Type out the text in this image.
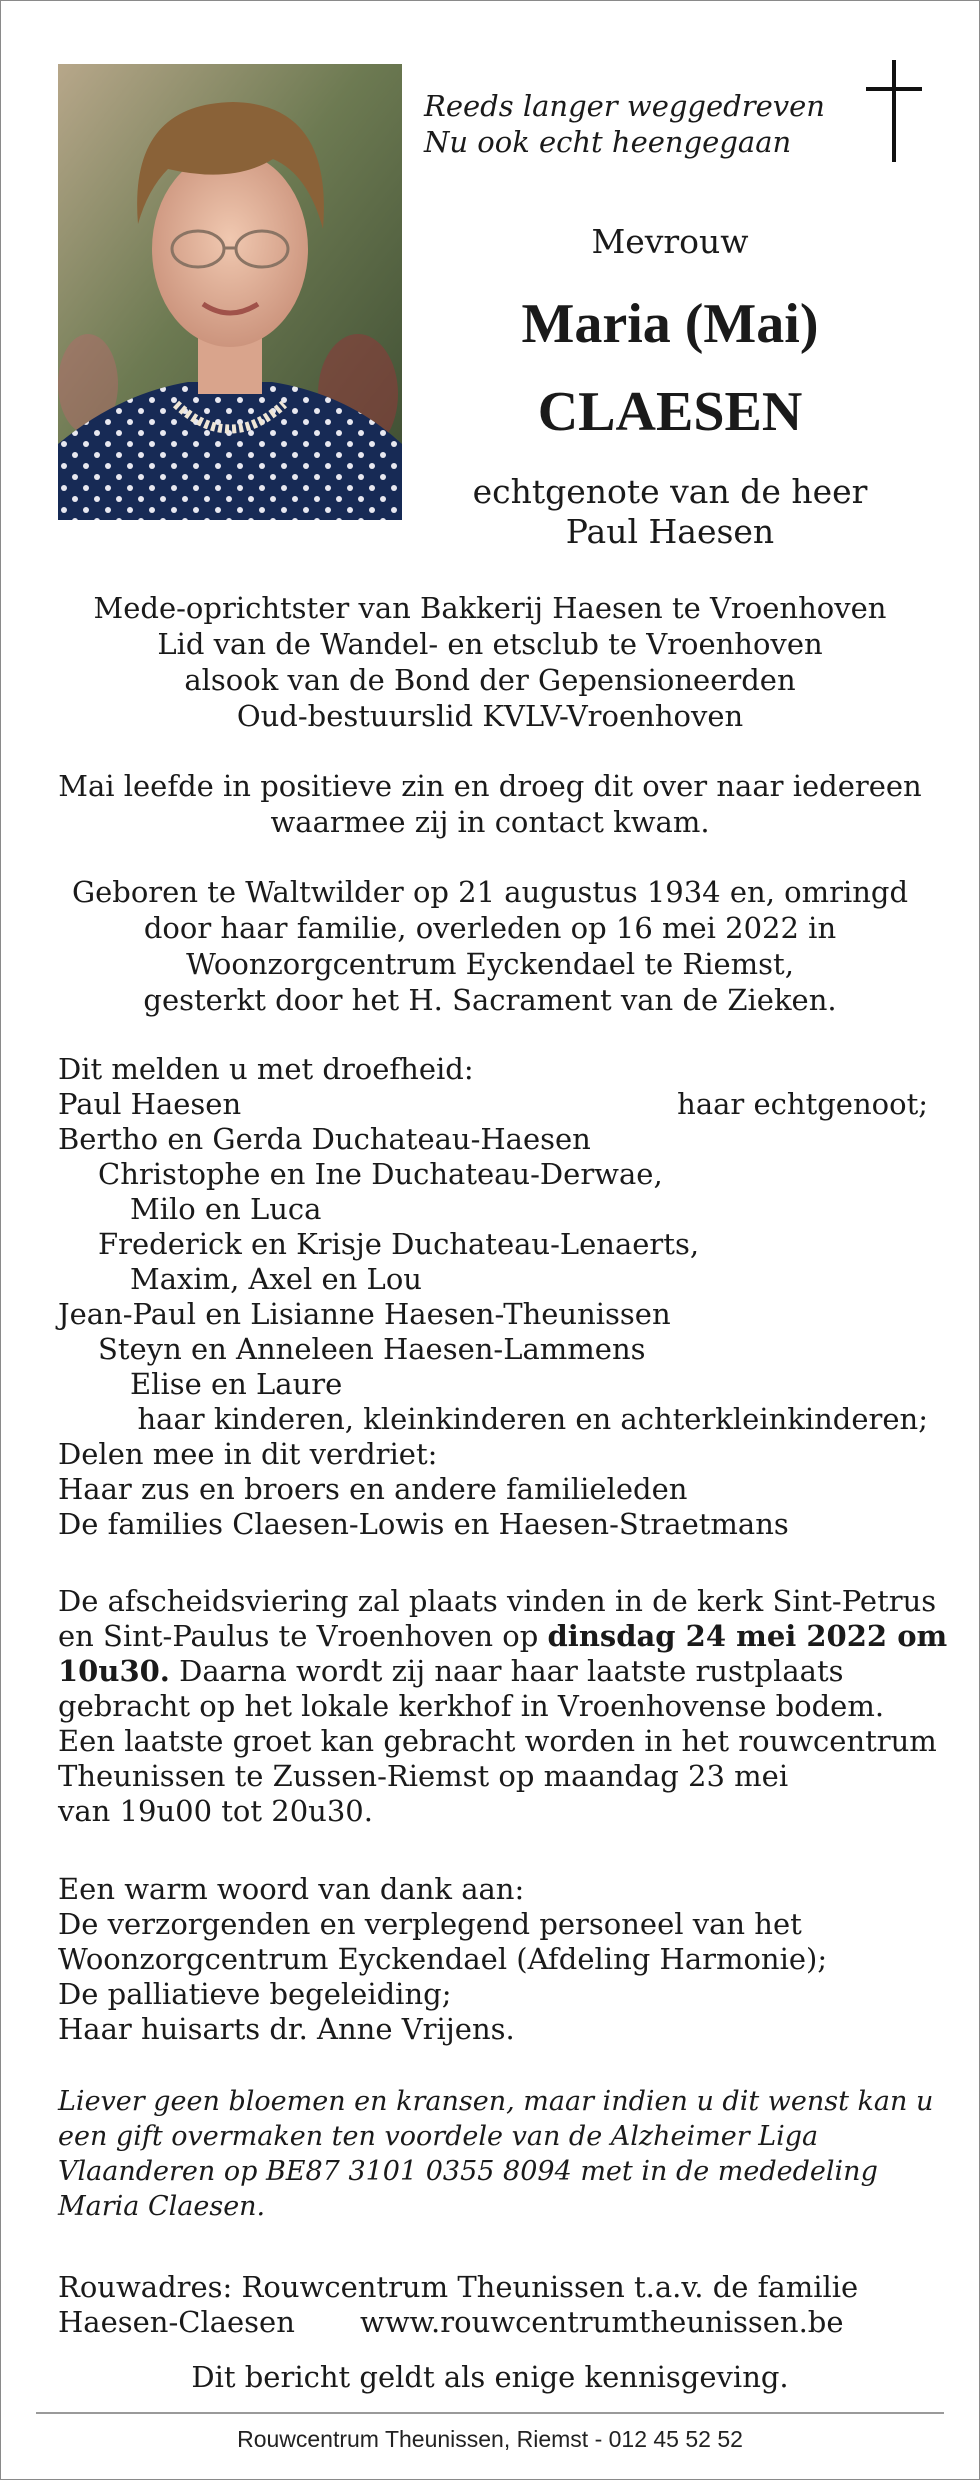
Reeds langer weggedreven
Nu ook echt heengegaan
Mevrouw
Maria (Mai)
CLAESEN
echtgenote van de heer
Paul Haesen
Mede-oprichtster van Bakkerij Haesen te Vroenhoven
Lid van de Wandel- en etsclub te Vroenhoven
alsook van de Bond der Gepensioneerden
Oud-bestuurslid KVLV-Vroenhoven
Mai leefde in positieve zin en droeg dit over naar iedereen
waarmee zij in contact kwam.
Geboren te Waltwilder op 21 augustus 1934 en, omringd
door haar familie, overleden op 16 mei 2022 in
Woonzorgcentrum Eyckendael te Riemst,
gesterkt door het H. Sacrament van de Zieken.
Dit melden u met droefheid:
Paul Haesen	haar echtgenoot;
Bertho en Gerda Duchateau-Haesen
Christophe en Ine Duchateau-Derwae,
Milo en Luca
Frederick en Krisje Duchateau-Lenaerts,
Maxim, Axel en Lou
Jean-Paul en Lisianne Haesen-Theunissen
Steyn en Anneleen Haesen-Lammens
Elise en Laure
haar kinderen, kleinkinderen en achterkleinkinderen;
Delen mee in dit verdriet:
Haar zus en broers en andere familieleden
De families Claesen-Lowis en Haesen-Straetmans
De afscheidsviering zal plaats vinden in de kerk Sint-Petrus
en Sint-Paulus te Vroenhoven op dinsdag 24 mei 2022 om
10u30. Daarna wordt zij naar haar laatste rustplaats
gebracht op het lokale kerkhof in Vroenhovense bodem.
Een laatste groet kan gebracht worden in het rouwcentrum
Theunissen te Zussen-Riemst op maandag 23 mei
van 19u00 tot 20u30.
Een warm woord van dank aan:
De verzorgenden en verplegend personeel van het
Woonzorgcentrum Eyckendael (Afdeling Harmonie);
De palliatieve begeleiding;
Haar huisarts dr. Anne Vrijens.
Liever geen bloemen en kransen, maar indien u dit wenst kan u
een gift overmaken ten voordele van de Alzheimer Liga
Vlaanderen op BE87 3101 0355 8094 met in de mededeling
Maria Claesen.
Rouwadres: Rouwcentrum Theunissen t.a.v. de familie
Haesen-Claesen www.rouwcentrumtheunissen.be
Dit bericht geldt als enige kennisgeving.
Rouwcentrum Theunissen, Riemst - 012 45 52 52
